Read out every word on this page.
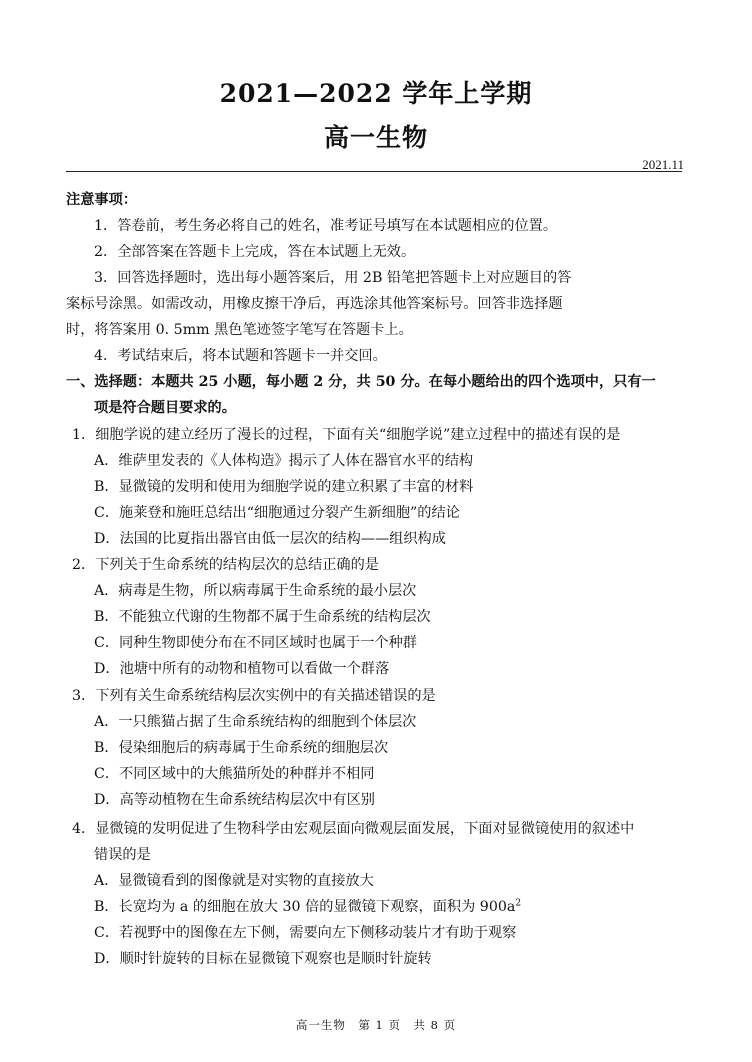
2021—2022 学年上学期
高一生物
2021.11

注意事项：

1．答卷前，考生务必将自己的姓名，准考证号填写在本试题相应的位置。

2．全部答案在答题卡上完成，答在本试题上无效。

3．回答选择题时，选出每小题答案后，用 2B 铅笔把答题卡上对应题目的答

案标号涂黑。如需改动，用橡皮擦干净后，再选涂其他答案标号。回答非选择题

时，将答案用 0. 5mm 黑色笔迹签字笔写在答题卡上。

4．考试结束后，将本试题和答题卡一并交回。

一、选择题：本题共 25 小题，每小题 2 分，共 50 分。在每小题给出的四个选项中，只有一

项是符合题目要求的。

1．细胞学说的建立经历了漫长的过程，下面有关“细胞学说”建立过程中的描述有误的是

A．维萨里发表的《人体构造》揭示了人体在器官水平的结构

B．显微镜的发明和使用为细胞学说的建立积累了丰富的材料

C．施莱登和施旺总结出“细胞通过分裂产生新细胞”的结论

D．法国的比夏指出器官由低一层次的结构——组织构成

2．下列关于生命系统的结构层次的总结正确的是

A．病毒是生物，所以病毒属于生命系统的最小层次

B．不能独立代谢的生物都不属于生命系统的结构层次

C．同种生物即使分布在不同区域时也属于一个种群

D．池塘中所有的动物和植物可以看做一个群落

3．下列有关生命系统结构层次实例中的有关描述错误的是

A．一只熊猫占据了生命系统结构的细胞到个体层次

B．侵染细胞后的病毒属于生命系统的细胞层次

C．不同区域中的大熊猫所处的种群并不相同

D．高等动植物在生命系统结构层次中有区别

4．显微镜的发明促进了生物科学由宏观层面向微观层面发展，下面对显微镜使用的叙述中

错误的是

A．显微镜看到的图像就是对实物的直接放大

B．长宽均为 a 的细胞在放大 30 倍的显微镜下观察，面积为 $900a^2$

C．若视野中的图像在左下侧，需要向左下侧移动装片才有助于观察

D．顺时针旋转的目标在显微镜下观察也是顺时针旋转

高一生物　第 1 页　共 8 页
